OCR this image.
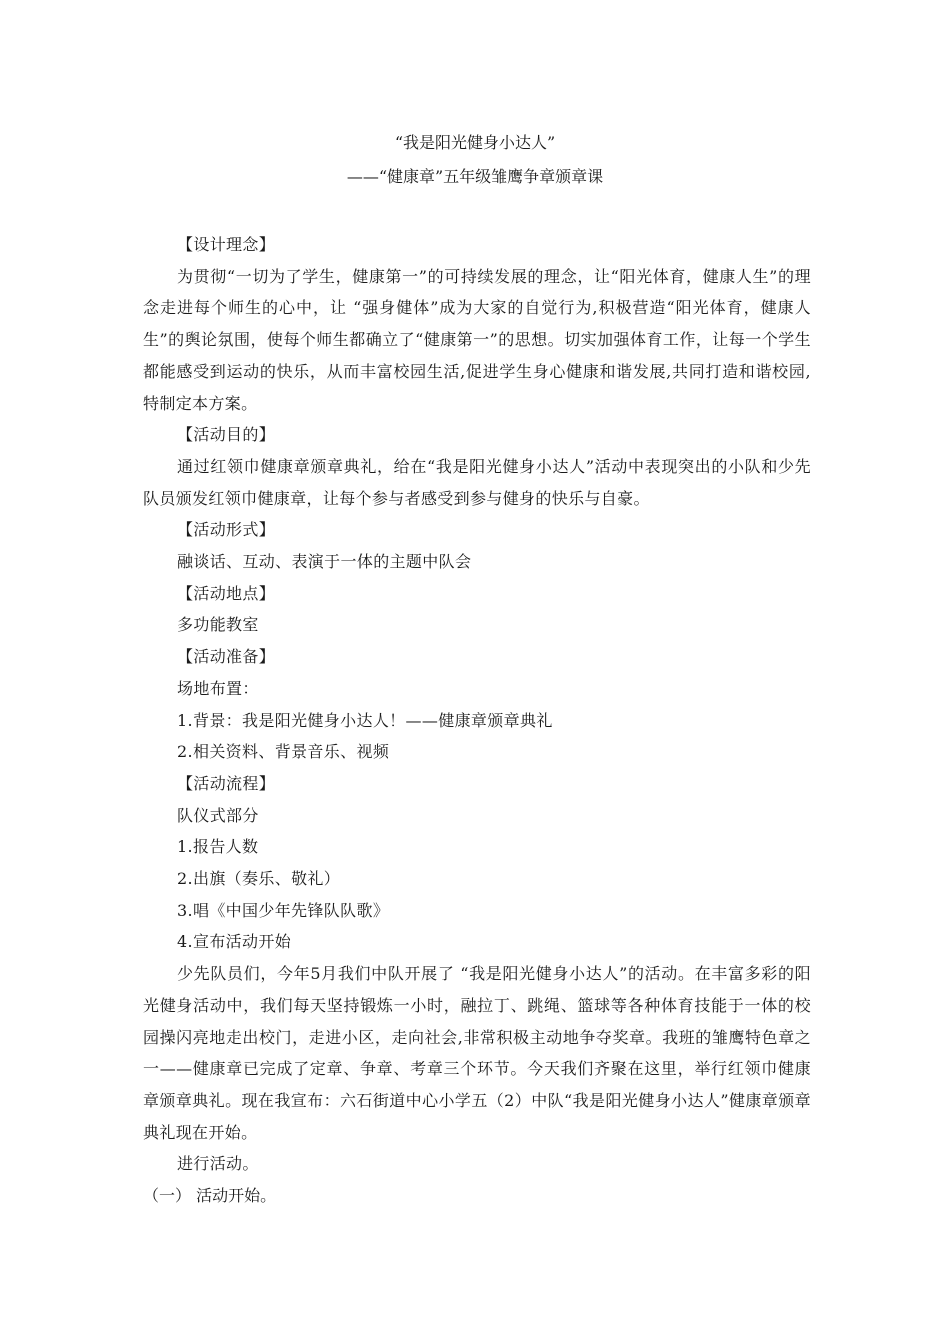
“我是阳光健身小达人”
——“健康章”五年级雏鹰争章颁章课

【设计理念】

为贯彻“一切为了学生，健康第一”的可持续发展的理念，让“阳光体育，健康人生”的理念走进每个师生的心中，让 “强身健体”成为大家的自觉行为,积极营造“阳光体育，健康人生”的舆论氛围，使每个师生都确立了“健康第一”的思想。切实加强体育工作，让每一个学生都能感受到运动的快乐，从而丰富校园生活,促进学生身心健康和谐发展,共同打造和谐校园,特制定本方案。

【活动目的】

通过红领巾健康章颁章典礼，给在“我是阳光健身小达人”活动中表现突出的小队和少先队员颁发红领巾健康章，让每个参与者感受到参与健身的快乐与自豪。

【活动形式】

融谈话、互动、表演于一体的主题中队会

【活动地点】

多功能教室

【活动准备】

场地布置：

1.背景：我是阳光健身小达人！——健康章颁章典礼

2.相关资料、背景音乐、视频

【活动流程】

队仪式部分

1.报告人数

2.出旗（奏乐、敬礼）

3.唱《中国少年先锋队队歌》

4.宣布活动开始

少先队员们，今年5月我们中队开展了 “我是阳光健身小达人”的活动。在丰富多彩的阳光健身活动中，我们每天坚持锻炼一小时，融拉丁、跳绳、篮球等各种体育技能于一体的校园操闪亮地走出校门，走进小区，走向社会,非常积极主动地争夺奖章。我班的雏鹰特色章之一——健康章已完成了定章、争章、考章三个环节。今天我们齐聚在这里，举行红领巾健康章颁章典礼。现在我宣布：六石街道中心小学五（2）中队“我是阳光健身小达人”健康章颁章典礼现在开始。

进行活动。

（一） 活动开始。
